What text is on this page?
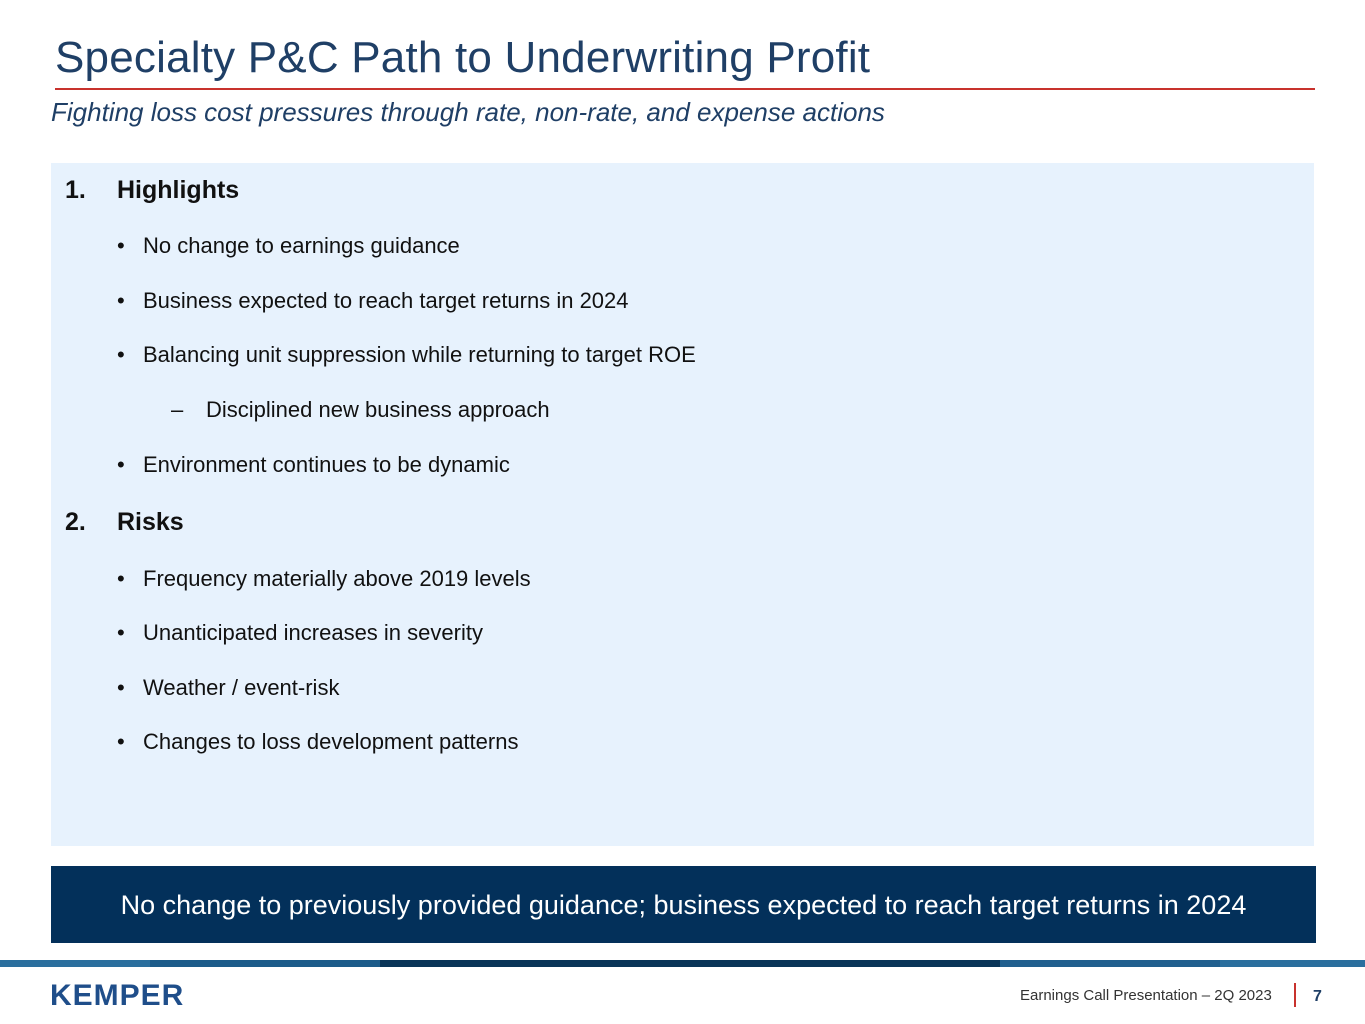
Specialty P&C Path to Underwriting Profit
Fighting loss cost pressures through rate, non-rate, and expense actions
1. Highlights
• No change to earnings guidance
• Business expected to reach target returns in 2024
• Balancing unit suppression while returning to target ROE
– Disciplined new business approach
• Environment continues to be dynamic
2. Risks
• Frequency materially above 2019 levels
• Unanticipated increases in severity
• Weather / event-risk
• Changes to loss development patterns
No change to previously provided guidance; business expected to reach target returns in 2024
KEMPER	Earnings Call Presentation – 2Q 2023	7
